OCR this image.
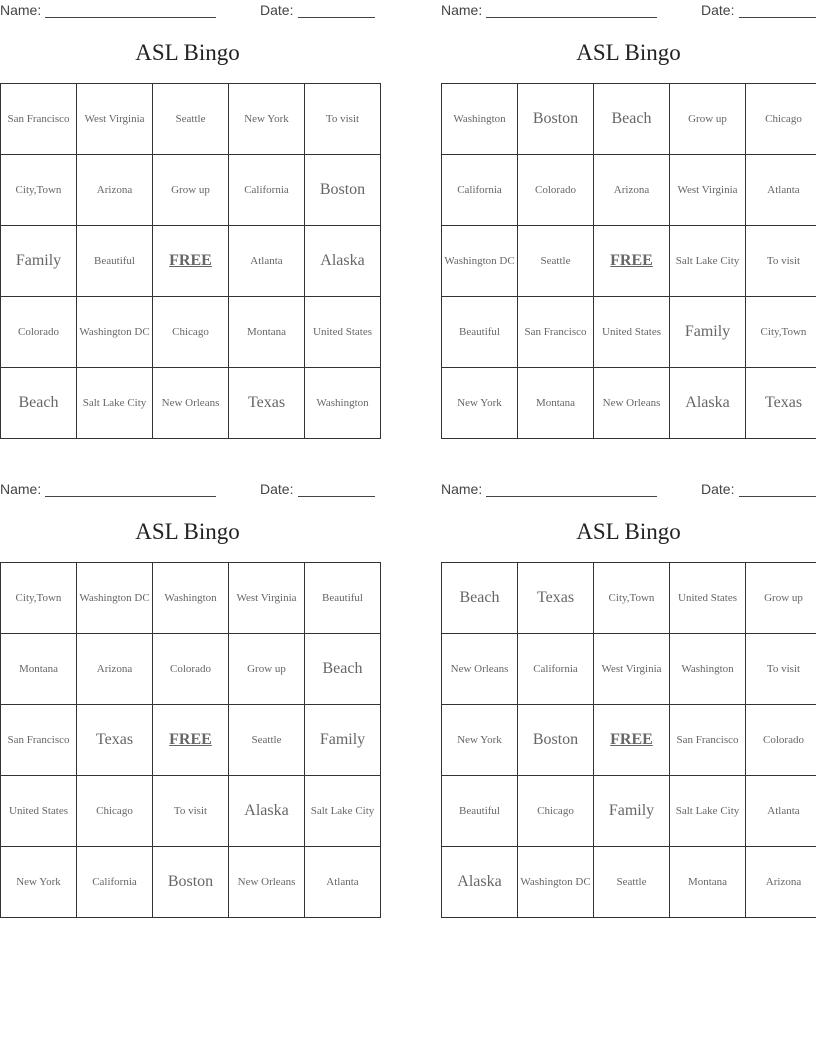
Name:	Date:
ASL Bingo
San Francisco	West Virginia	Seattle	New York	To visit
City,Town	Arizona	Grow up	California	Boston
Family	Beautiful	FREE	Atlanta	Alaska
Colorado	Washington DC	Chicago	Montana	United States
Beach	Salt Lake City	New Orleans	Texas	Washington
Name:	Date:
ASL Bingo
Washington	Boston	Beach	Grow up	Chicago
California	Colorado	Arizona	West Virginia	Atlanta
Washington DC	Seattle	FREE	Salt Lake City	To visit
Beautiful	San Francisco	United States	Family	City,Town
New York	Montana	New Orleans	Alaska	Texas
Name:	Date:
ASL Bingo
City,Town	Washington DC	Washington	West Virginia	Beautiful
Montana	Arizona	Colorado	Grow up	Beach
San Francisco	Texas	FREE	Seattle	Family
United States	Chicago	To visit	Alaska	Salt Lake City
New York	California	Boston	New Orleans	Atlanta
Name:	Date:
ASL Bingo
Beach	Texas	City,Town	United States	Grow up
New Orleans	California	West Virginia	Washington	To visit
New York	Boston	FREE	San Francisco	Colorado
Beautiful	Chicago	Family	Salt Lake City	Atlanta
Alaska	Washington DC	Seattle	Montana	Arizona
